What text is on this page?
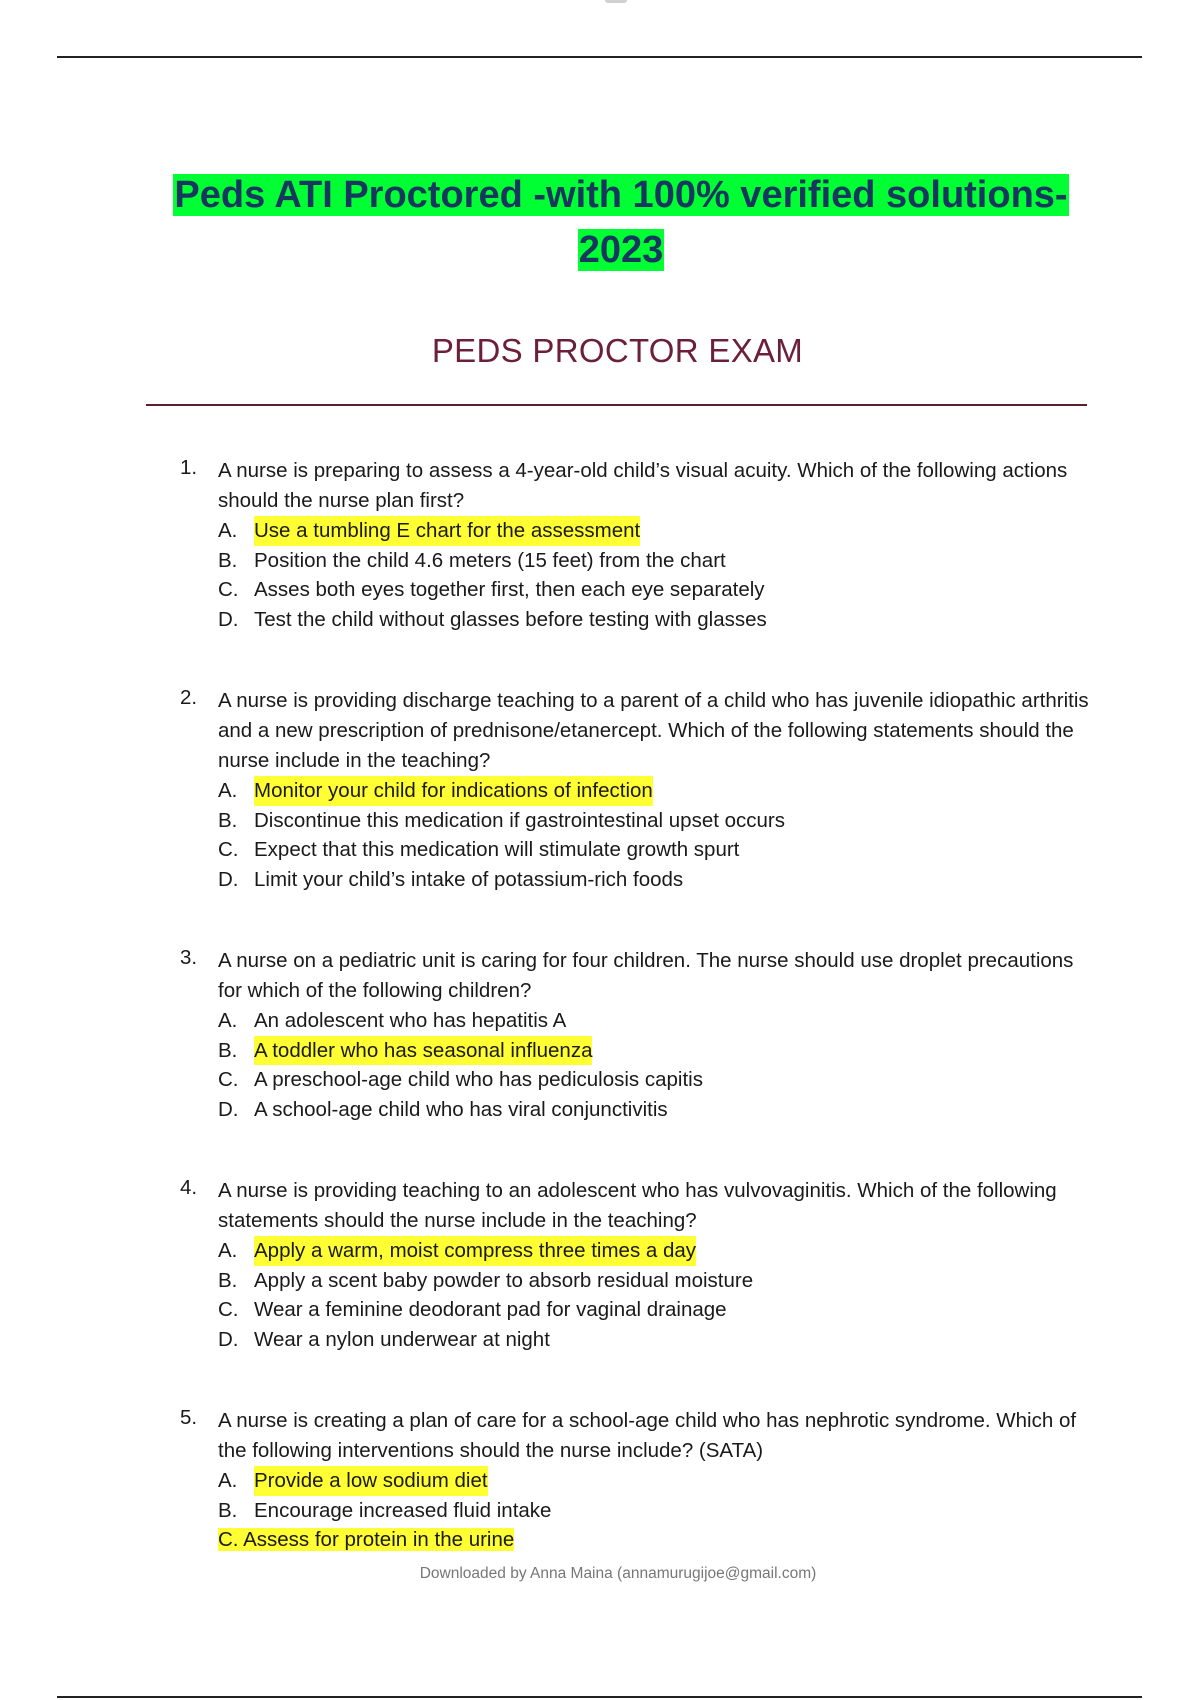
Peds ATI Proctored -with 100% verified solutions-
2023
PEDS PROCTOR EXAM
1. A nurse is preparing to assess a 4-year-old child’s visual acuity. Which of the following actions should the nurse plan first?
A. Use a tumbling E chart for the assessment
B. Position the child 4.6 meters (15 feet) from the chart
C. Asses both eyes together first, then each eye separately
D. Test the child without glasses before testing with glasses
2. A nurse is providing discharge teaching to a parent of a child who has juvenile idiopathic arthritis and a new prescription of prednisone/etanercept. Which of the following statements should the nurse include in the teaching?
A. Monitor your child for indications of infection
B. Discontinue this medication if gastrointestinal upset occurs
C. Expect that this medication will stimulate growth spurt
D. Limit your child’s intake of potassium-rich foods
3. A nurse on a pediatric unit is caring for four children. The nurse should use droplet precautions for which of the following children?
A. An adolescent who has hepatitis A
B. A toddler who has seasonal influenza
C. A preschool-age child who has pediculosis capitis
D. A school-age child who has viral conjunctivitis
4. A nurse is providing teaching to an adolescent who has vulvovaginitis. Which of the following statements should the nurse include in the teaching?
A. Apply a warm, moist compress three times a day
B. Apply a scent baby powder to absorb residual moisture
C. Wear a feminine deodorant pad for vaginal drainage
D. Wear a nylon underwear at night
5. A nurse is creating a plan of care for a school-age child who has nephrotic syndrome. Which of the following interventions should the nurse include? (SATA)
A. Provide a low sodium diet
B. Encourage increased fluid intake
C. Assess for protein in the urine
Downloaded by Anna Maina (annamurugijoe@gmail.com)
